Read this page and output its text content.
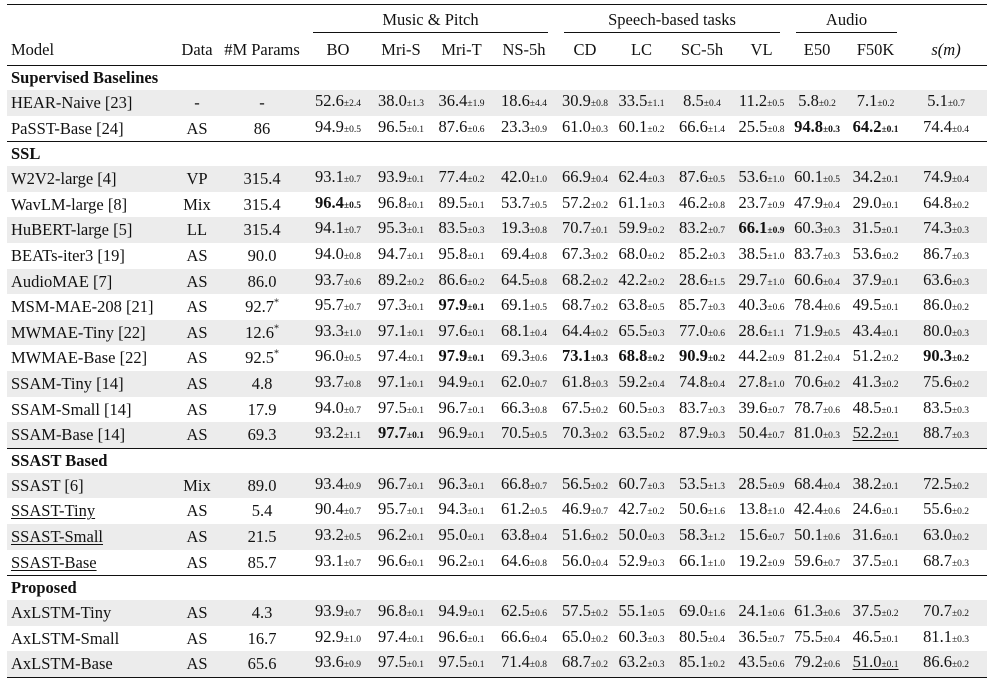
			Music & Pitch				Speech-based tasks				Audio		
Model	Data	#M Params	BO	Mri-S	Mri-T	NS-5h	CD	LC	SC-5h	VL	E50	F50K	s(m)
Supervised Baselines													
HEAR-Naive [23]	-	-	52.6±2.4	38.0±1.3	36.4±1.9	18.6±4.4	30.9±0.8	33.5±1.1	8.5±0.4	11.2±0.5	5.8±0.2	7.1±0.2	5.1±0.7
PaSST-Base [24]	AS	86	94.9±0.5	96.5±0.1	87.6±0.6	23.3±0.9	61.0±0.3	60.1±0.2	66.6±1.4	25.5±0.8	94.8±0.3	64.2±0.1	74.4±0.4
SSL													
W2V2-large [4]	VP	315.4	93.1±0.7	93.9±0.1	77.4±0.2	42.0±1.0	66.9±0.4	62.4±0.3	87.6±0.5	53.6±1.0	60.1±0.5	34.2±0.1	74.9±0.4
WavLM-large [8]	Mix	315.4	96.4±0.5	96.8±0.1	89.5±0.1	53.7±0.5	57.2±0.2	61.1±0.3	46.2±0.8	23.7±0.9	47.9±0.4	29.0±0.1	64.8±0.2
HuBERT-large [5]	LL	315.4	94.1±0.7	95.3±0.1	83.5±0.3	19.3±0.8	70.7±0.1	59.9±0.2	83.2±0.7	66.1±0.9	60.3±0.3	31.5±0.1	74.3±0.3
BEATs-iter3 [19]	AS	90.0	94.0±0.8	94.7±0.1	95.8±0.1	69.4±0.8	67.3±0.2	68.0±0.2	85.2±0.3	38.5±1.0	83.7±0.3	53.6±0.2	86.7±0.3
AudioMAE [7]	AS	86.0	93.7±0.6	89.2±0.2	86.6±0.2	64.5±0.8	68.2±0.2	42.2±0.2	28.6±1.5	29.7±1.0	60.6±0.4	37.9±0.1	63.6±0.3
MSM-MAE-208 [21]	AS	92.7*	95.7±0.7	97.3±0.1	97.9±0.1	69.1±0.5	68.7±0.2	63.8±0.5	85.7±0.3	40.3±0.6	78.4±0.6	49.5±0.1	86.0±0.2
MWMAE-Tiny [22]	AS	12.6*	93.3±1.0	97.1±0.1	97.6±0.1	68.1±0.4	64.4±0.2	65.5±0.3	77.0±0.6	28.6±1.1	71.9±0.5	43.4±0.1	80.0±0.3
MWMAE-Base [22]	AS	92.5*	96.0±0.5	97.4±0.1	97.9±0.1	69.3±0.6	73.1±0.3	68.8±0.2	90.9±0.2	44.2±0.9	81.2±0.4	51.2±0.2	90.3±0.2
SSAM-Tiny [14]	AS	4.8	93.7±0.8	97.1±0.1	94.9±0.1	62.0±0.7	61.8±0.3	59.2±0.4	74.8±0.4	27.8±1.0	70.6±0.2	41.3±0.2	75.6±0.2
SSAM-Small [14]	AS	17.9	94.0±0.7	97.5±0.1	96.7±0.1	66.3±0.8	67.5±0.2	60.5±0.3	83.7±0.3	39.6±0.7	78.7±0.6	48.5±0.1	83.5±0.3
SSAM-Base [14]	AS	69.3	93.2±1.1	97.7±0.1	96.9±0.1	70.5±0.5	70.3±0.2	63.5±0.2	87.9±0.3	50.4±0.7	81.0±0.3	52.2±0.1	88.7±0.3
SSAST Based													
SSAST [6]	Mix	89.0	93.4±0.9	96.7±0.1	96.3±0.1	66.8±0.7	56.5±0.2	60.7±0.3	53.5±1.3	28.5±0.9	68.4±0.4	38.2±0.1	72.5±0.2
SSAST-Tiny	AS	5.4	90.4±0.7	95.7±0.1	94.3±0.1	61.2±0.5	46.9±0.7	42.7±0.2	50.6±1.6	13.8±1.0	42.4±0.6	24.6±0.1	55.6±0.2
SSAST-Small	AS	21.5	93.2±0.5	96.2±0.1	95.0±0.1	63.8±0.4	51.6±0.2	50.0±0.3	58.3±1.2	15.6±0.7	50.1±0.6	31.6±0.1	63.0±0.2
SSAST-Base	AS	85.7	93.1±0.7	96.6±0.1	96.2±0.1	64.6±0.8	56.0±0.4	52.9±0.3	66.1±1.0	19.2±0.9	59.6±0.7	37.5±0.1	68.7±0.3
Proposed													
AxLSTM-Tiny	AS	4.3	93.9±0.7	96.8±0.1	94.9±0.1	62.5±0.6	57.5±0.2	55.1±0.5	69.0±1.6	24.1±0.6	61.3±0.6	37.5±0.2	70.7±0.2
AxLSTM-Small	AS	16.7	92.9±1.0	97.4±0.1	96.6±0.1	66.6±0.4	65.0±0.2	60.3±0.3	80.5±0.4	36.5±0.7	75.5±0.4	46.5±0.1	81.1±0.3
AxLSTM-Base	AS	65.6	93.6±0.9	97.5±0.1	97.5±0.1	71.4±0.8	68.7±0.2	63.2±0.3	85.1±0.2	43.5±0.6	79.2±0.6	51.0±0.1	86.6±0.2
